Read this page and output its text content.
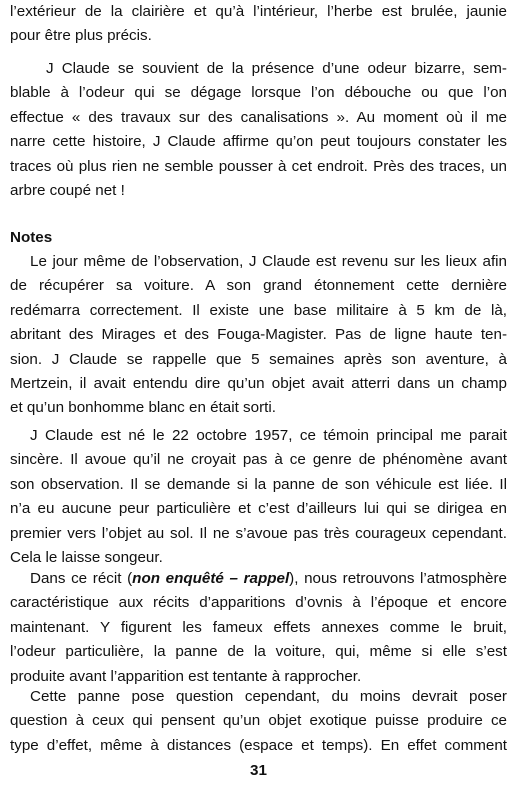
l’extérieur de la clairière et qu’à l’intérieur, l’herbe est brulée, jaunie
pour être plus précis.
J Claude se souvient de la présence d’une odeur bizarre, sem-
blable à l’odeur qui se dégage lorsque l’on débouche ou que l’on
effectue « des travaux sur des canalisations ». Au moment où il me
narre cette histoire, J Claude affirme qu’on peut toujours constater les
traces où plus rien ne semble pousser à cet endroit. Près des traces, un
arbre coupé net !
Notes
Le jour même de l’observation, J Claude est revenu sur les lieux afin
de récupérer sa voiture. A son grand étonnement cette dernière
redémarra correctement. Il existe une base militaire à 5 km de là,
abritant des Mirages et des Fouga-Magister. Pas de ligne haute ten-
sion. J Claude se rappelle que 5 semaines après son aventure, à
Mertzein, il avait entendu dire qu’un objet avait atterri dans un champ
et qu’un bonhomme blanc en était sorti.
J Claude est né le 22 octobre 1957, ce témoin principal me parait
sincère. Il avoue qu’il ne croyait pas à ce genre de phénomène avant
son observation. Il se demande si la panne de son véhicule est liée. Il
n’a eu aucune peur particulière et c’est d’ailleurs lui qui se dirigea en
premier vers l’objet au sol. Il ne s’avoue pas très courageux cependant.
Cela le laisse songeur.
Dans ce récit (non enquêté – rappel), nous retrouvons l’atmosphère
caractéristique aux récits d’apparitions d’ovnis à l’époque et encore
maintenant. Y figurent les fameux effets annexes comme le bruit,
l’odeur particulière, la panne de la voiture, qui, même si elle s’est
produite avant l’apparition est tentante à rapprocher.
Cette panne pose question cependant, du moins devrait poser
question à ceux qui pensent qu’un objet exotique puisse produire ce
type d’effet, même à distances (espace et temps). En effet comment
31
